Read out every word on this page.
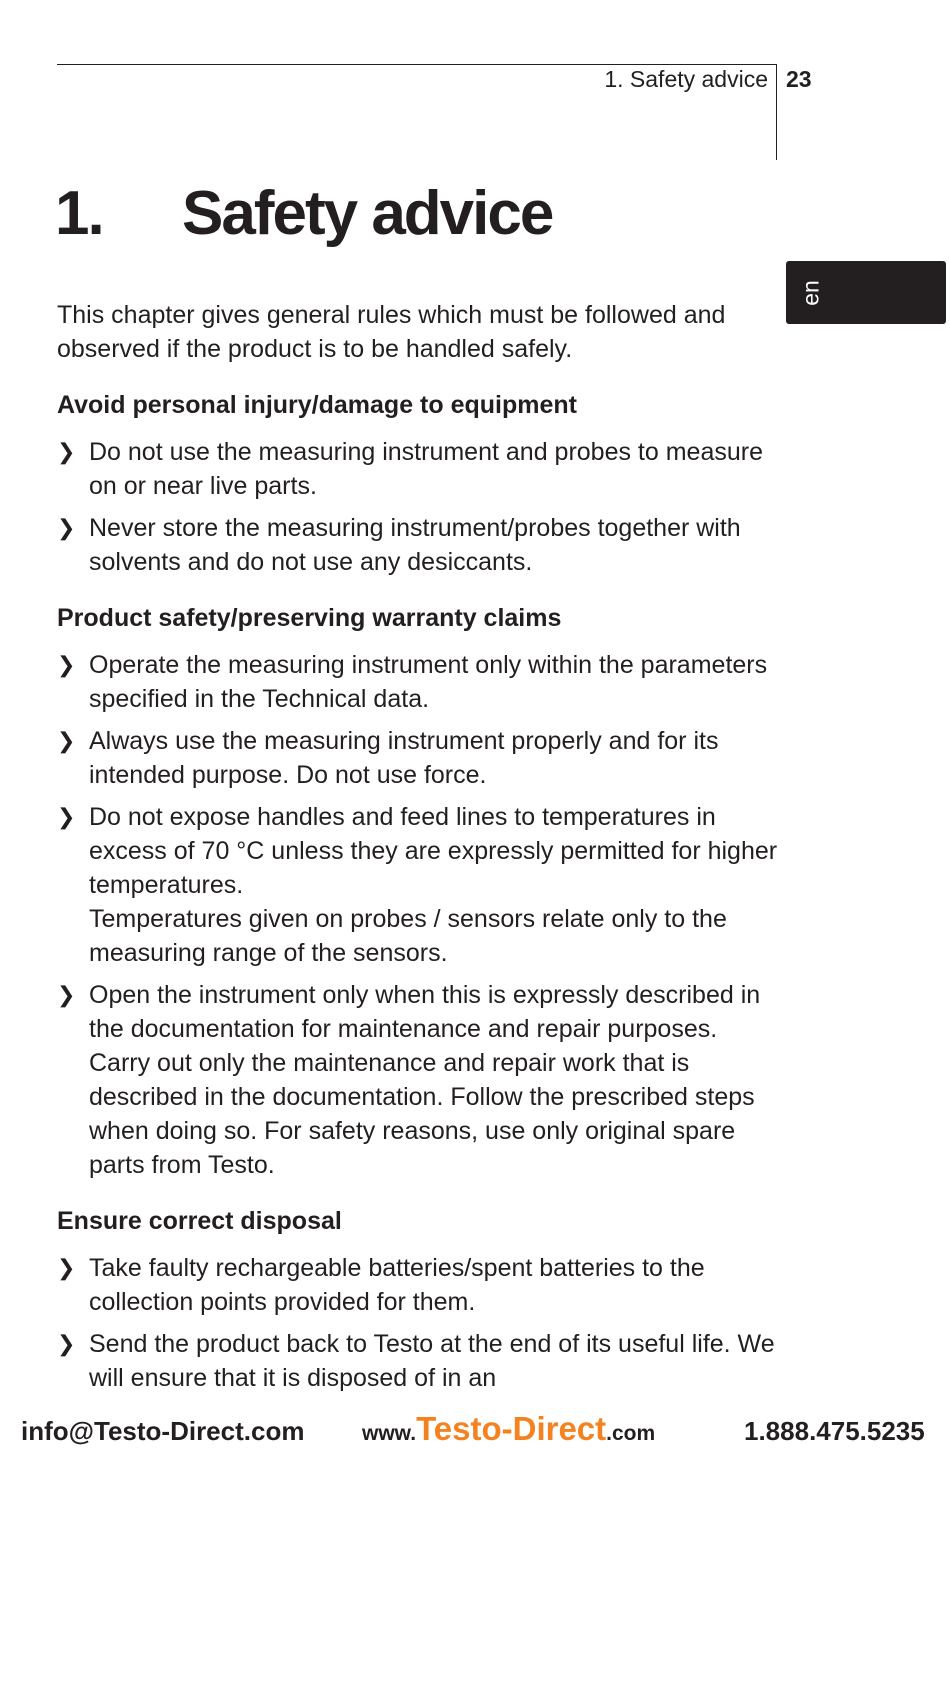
1. Safety advice 23
1. Safety advice
en

This chapter gives general rules which must be followed and observed if the product is to be handled safely.

Avoid personal injury/damage to equipment
❯ Do not use the measuring instrument and probes to measure on or near live parts.
❯ Never store the measuring instrument/probes together with solvents and do not use any desiccants.
Product safety/preserving warranty claims
❯ Operate the measuring instrument only within the parameters specified in the Technical data.
❯ Always use the measuring instrument properly and for its intended purpose. Do not use force.
❯ Do not expose handles and feed lines to temperatures in excess of 70 °C unless they are expressly permitted for higher temperatures.
Temperatures given on probes / sensors relate only to the measuring range of the sensors.
❯ Open the instrument only when this is expressly described in the documentation for maintenance and repair purposes.
Carry out only the maintenance and repair work that is described in the documentation. Follow the prescribed steps when doing so. For safety reasons, use only original spare parts from Testo.
Ensure correct disposal
❯ Take faulty rechargeable batteries/spent batteries to the collection points provided for them.
❯ Send the product back to Testo at the end of its useful life. We will ensure that it is disposed of in an
info@Testo-Direct.com	www.Testo-Direct.com	1.888.475.5235
